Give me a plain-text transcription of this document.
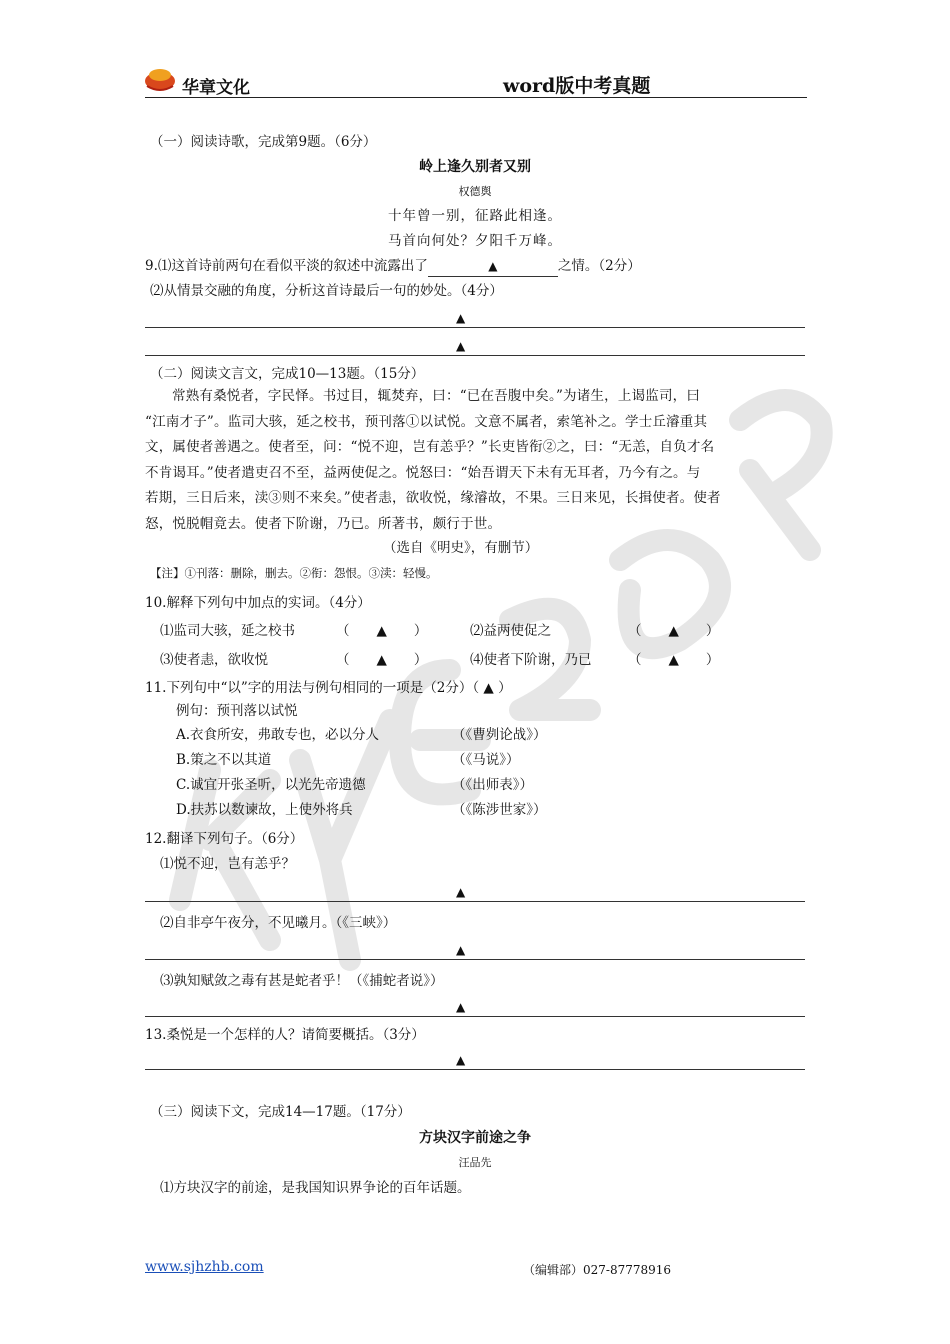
华章文化	word版中考真题
（一）阅读诗歌，完成第9题。（6分）
岭上逢久别者又别
权德舆
十年曾一别，征路此相逢。
马首向何处？夕阳千万峰。
9.⑴这首诗前两句在看似平淡的叙述中流露出了	▲	之情。（2分）
⑵从情景交融的角度，分析这首诗最后一句的妙处。（4分）
▲
▲
（二）阅读文言文，完成10—13题。（15分）
常熟有桑悦者，字民怿。书过目，辄焚弃，曰：“已在吾腹中矣。”为诸生，上谒监司，曰
“江南才子”。监司大骇，延之校书，预刊落①以试悦。文意不属者，索笔补之。学士丘濬重其
文，属使者善遇之。使者至，问：“悦不迎，岂有恙乎？”长吏皆衔②之，曰：“无恙，自负才名
不肯谒耳。”使者遣吏召不至，益两使促之。悦怒曰：“始吾谓天下未有无耳者，乃今有之。与
若期，三日后来，渎③则不来矣。”使者恚，欲收悦，缘濬故，不果。三日来见，长揖使者。使者
怒，悦脱帽竟去。使者下阶谢，乃已。所著书，颇行于世。
（选自《明史》，有删节）
【注】①刊落：删除，删去。②衔：怨恨。③渎：轻慢。
10.解释下列句中加点的实词。（4分）
⑴监司大骇，延之校书	（　　▲　　）	⑵益两使促之	（　　▲　　）
⑶使者恚，欲收悦	（　　▲　　）	⑷使者下阶谢，乃已	（　　▲　　）
11.下列句中“以”字的用法与例句相同的一项是（2分）（ ▲ ）
例句：预刊落以试悦
A.衣食所安，弗敢专也，必以分人	（《曹刿论战》）
B.策之不以其道	（《马说》）
C.诚宜开张圣听，以光先帝遗德	（《出师表》）
D.扶苏以数谏故，上使外将兵	（《陈涉世家》）
12.翻译下列句子。（6分）
⑴悦不迎，岂有恙乎？
▲
⑵自非亭午夜分，不见曦月。（《三峡》）
▲
⑶孰知赋敛之毒有甚是蛇者乎！（《捕蛇者说》）
▲
13.桑悦是一个怎样的人？请简要概括。（3分）
▲
（三）阅读下文，完成14—17题。（17分）
方块汉字前途之争
汪品先
⑴方块汉字的前途，是我国知识界争论的百年话题。
www.sjhzhb.com	（编辑部）027-87778916
